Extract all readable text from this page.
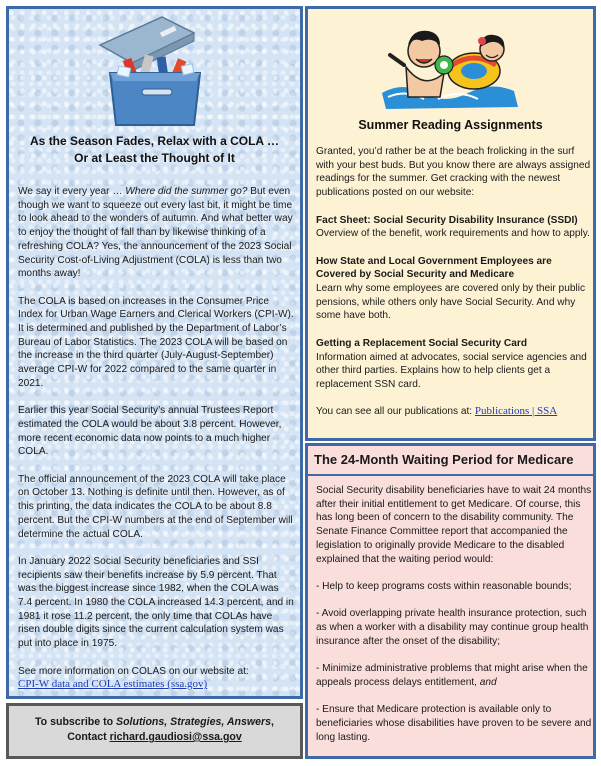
As the Season Fades, Relax with a COLA …
Or at Least the Thought of It

We say it every year … Where did the summer go? But even though we want to squeeze out every last bit, it might be time to look ahead to the wonders of autumn. And what better way to enjoy the thought of fall than by likewise thinking of a refreshing COLA? Yes, the announcement of the 2023 Social Security Cost-of-Living Adjustment (COLA) is less than two months away!

The COLA is based on increases in the Consumer Price Index for Urban Wage Earners and Clerical Workers (CPI-W). It is determined and published by the Department of Labor’s Bureau of Labor Statistics. The 2023 COLA will be based on the increase in the third quarter (July-August-September) average CPI-W for 2022 compared to the same quarter in 2021.

Earlier this year Social Security’s annual Trustees Report estimated the COLA would be about 3.8 percent. However, more recent economic data now points to a much higher COLA.

The official announcement of the 2023 COLA will take place on October 13. Nothing is definite until then. However, as of this printing, the data indicates the COLA to be about 8.8 percent. But the CPI-W numbers at the end of September will determine the actual COLA.

In January 2022 Social Security beneficiaries and SSI recipients saw their benefits increase by 5.9 percent. That was the biggest increase since 1982, when the COLA was 7.4 percent. In 1980 the COLA increased 14.3 percent, and in 1981 it rose 11.2 percent, the only time that COLAs have risen double digits since the current calculation system was put into place in 1975.

See more information on COLAS on our website at:

CPI-W data and COLA estimates (ssa.gov)

To subscribe to Solutions, Strategies, Answers,
Contact richard.gaudiosi@ssa.gov
Summer Reading Assignments

Granted, you’d rather be at the beach frolicking in the surf with your best buds. But you know there are always assigned readings for the summer. Get cracking with the newest publications posted on our website:

Fact Sheet: Social Security Disability Insurance (SSDI)

Overview of the benefit, work requirements and how to apply.

How State and Local Government Employees are Covered by Social Security and Medicare

Learn why some employees are covered only by their public pensions, while others only have Social Security. And why some have both.

Getting a Replacement Social Security Card

Information aimed at advocates, social service agencies and other third parties. Explains how to help clients get a replacement SSN card.

You can see all our publications at: Publications | SSA

The 24-Month Waiting Period for Medicare

Social Security disability beneficiaries have to wait 24 months after their initial entitlement to get Medicare. Of course, this has long been of concern to the disability community. The Senate Finance Committee report that accompanied the legislation to originally provide Medicare to the disabled explained that the waiting period would:

- Help to keep programs costs within reasonable bounds;

- Avoid overlapping private health insurance protection, such as when a worker with a disability may continue group health insurance after the onset of the disability;

- Minimize administrative problems that might arise when the appeals process delays entitlement, and

- Ensure that Medicare protection is available only to beneficiaries whose disabilities have proven to be severe and long lasting.
